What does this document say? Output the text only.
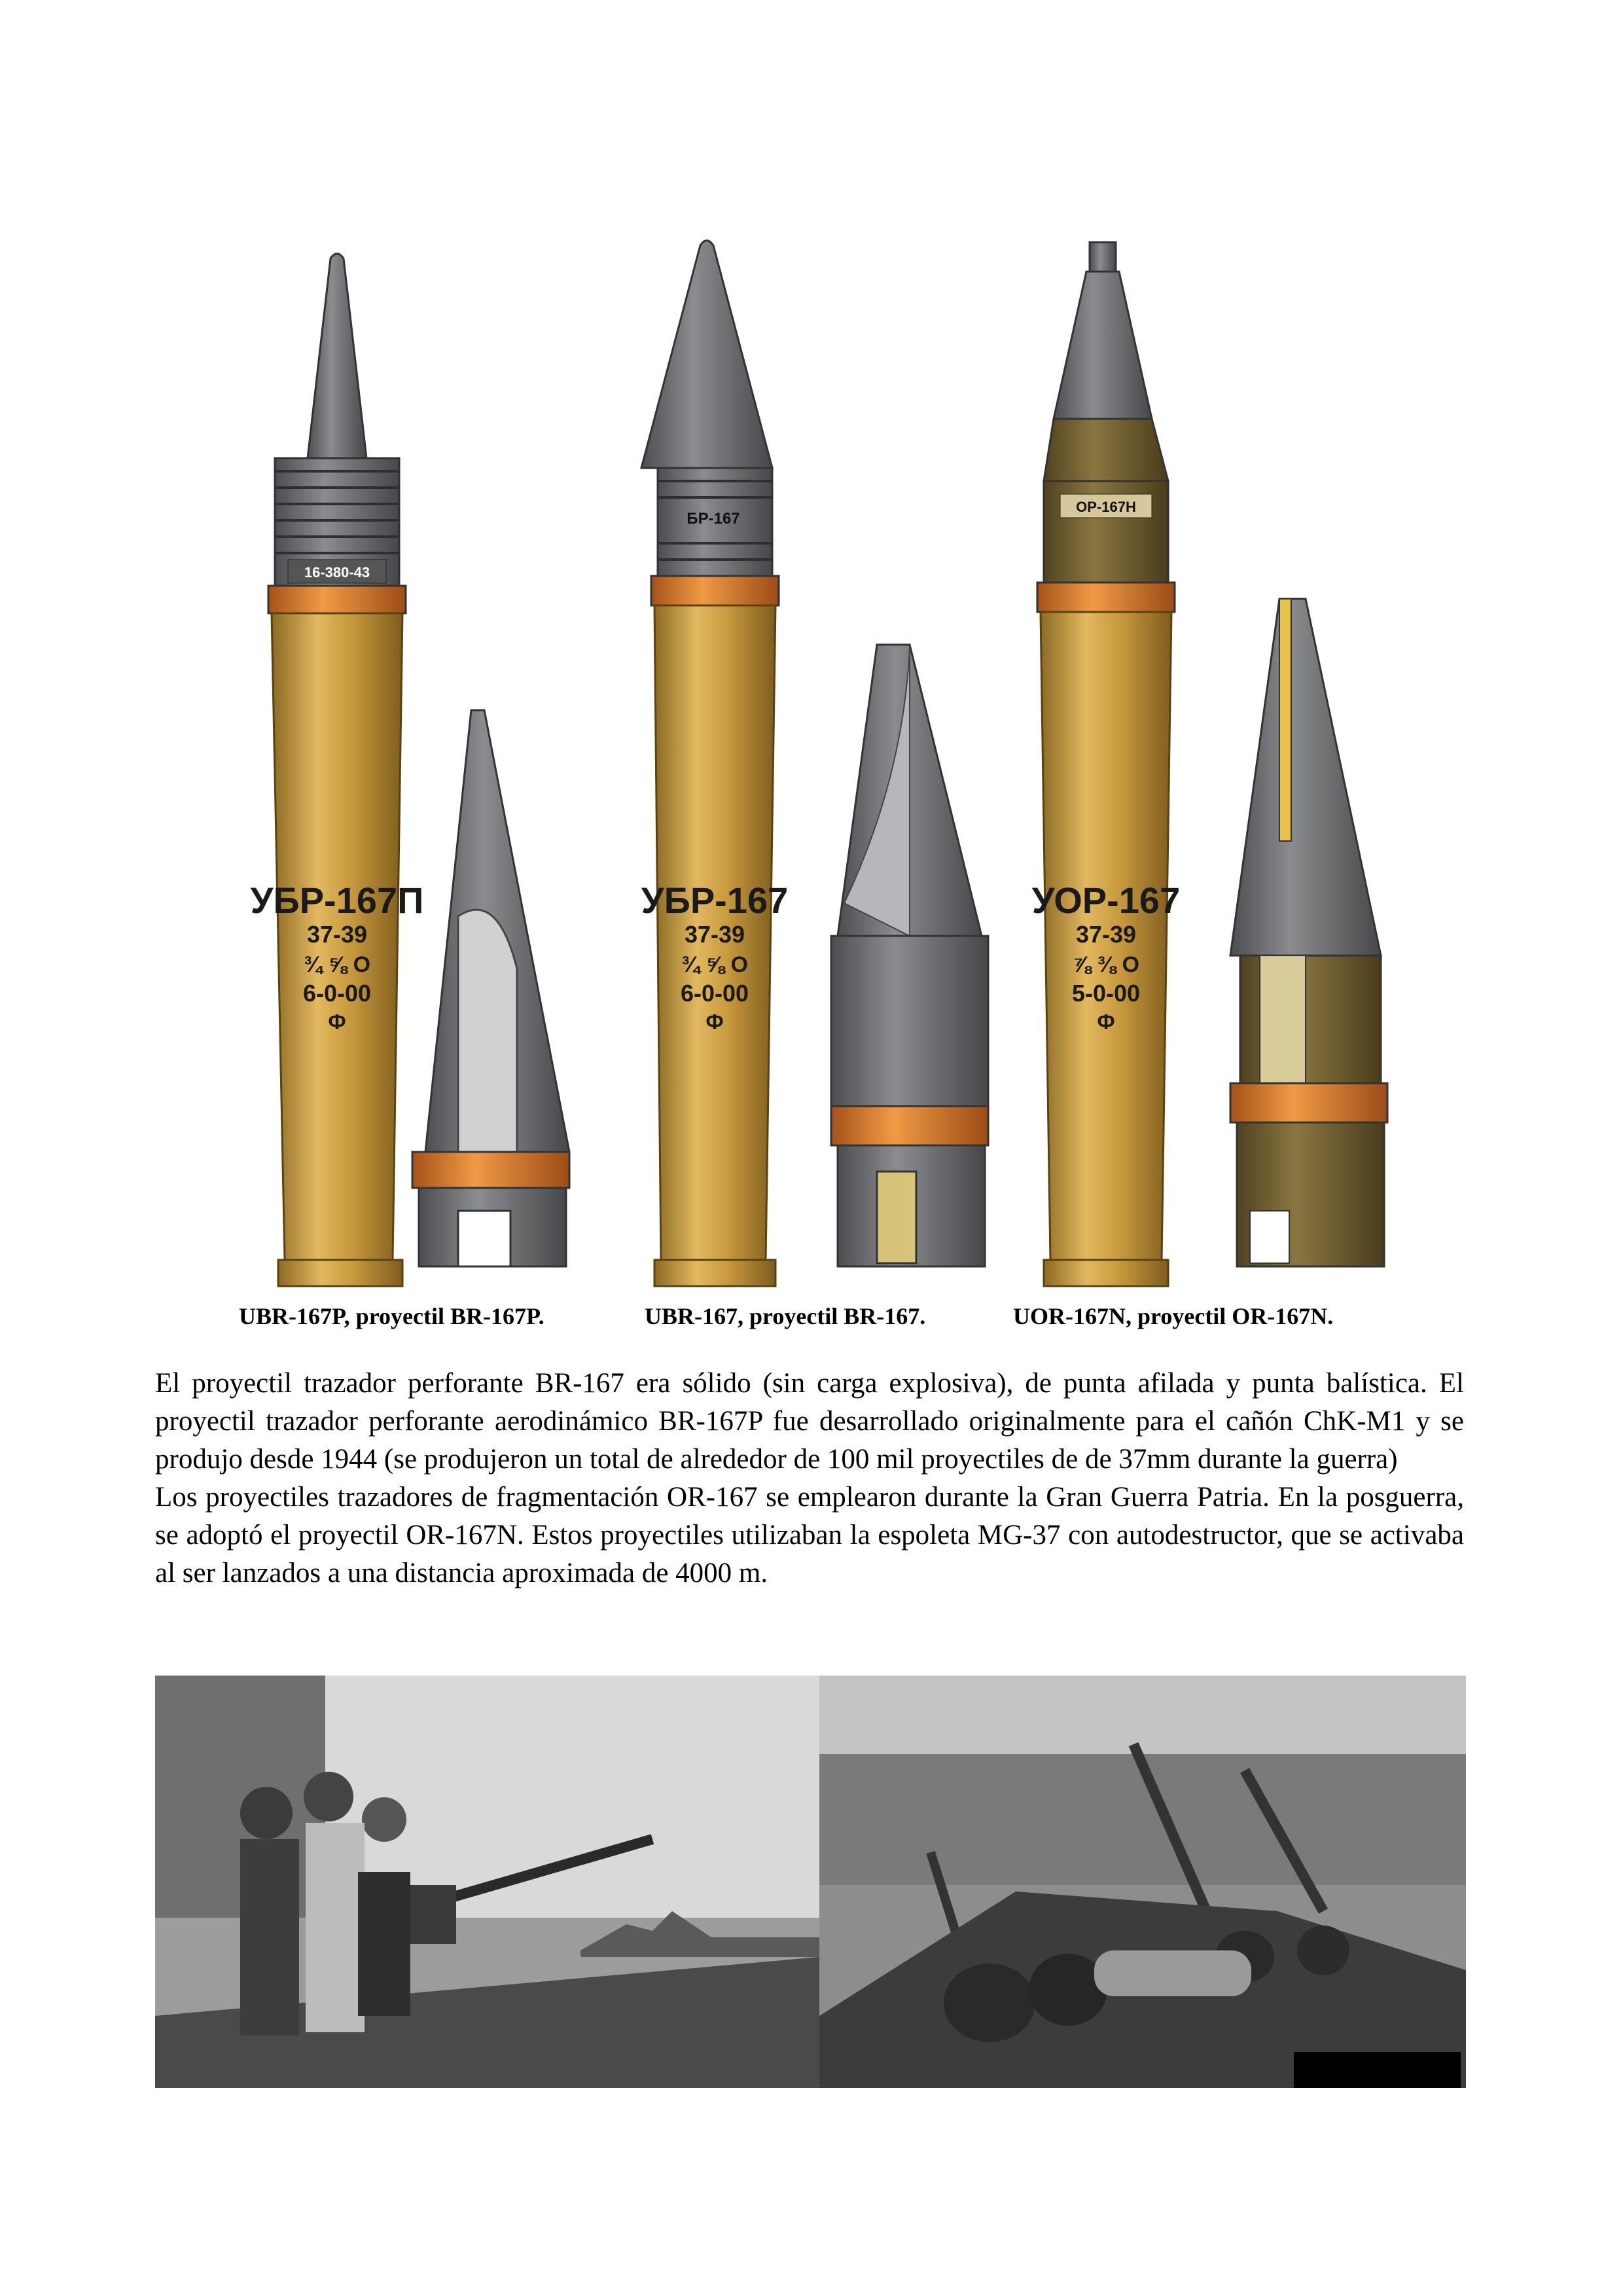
16-380-43
УБР-167П
37-39
¾ ⅝ О
6-0-00
Ф
БР-167
УБР-167
37-39
¾ ⅝ О
6-0-00
Ф
ОР-167Н
УОР-167
37-39
⅞ ⅜ О
5-0-00
Ф
UBR-167P, proyectil BR-167P.	UBR-167, proyectil BR-167.	UOR-167N, proyectil OR-167N.

El proyectil trazador perforante BR-167 era sólido (sin carga explosiva), de punta afilada y punta balística. El proyectil trazador perforante aerodinámico BR-167P fue desarrollado originalmente para el cañón ChK-M1 y se produjo desde 1944 (se produjeron un total de alrededor de 100 mil proyectiles de de 37mm durante la guerra)

Los proyectiles trazadores de fragmentación OR-167 se emplearon durante la Gran Guerra Patria. En la posguerra, se adoptó el proyectil OR-167N. Estos proyectiles utilizaban la espoleta MG-37 con autodestructor, que se activaba al ser lanzados a una distancia aproximada de 4000 m.
